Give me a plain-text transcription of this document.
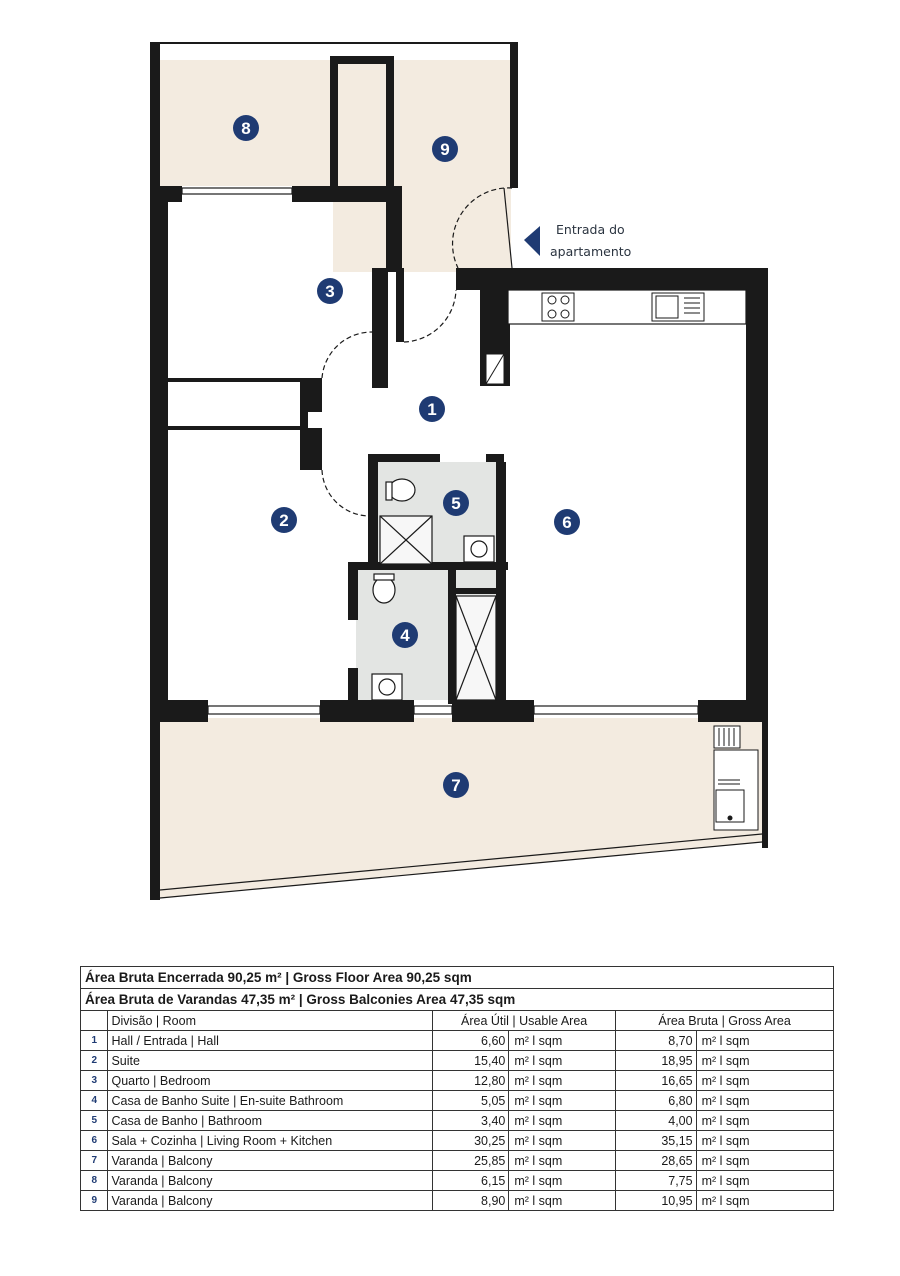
Entrada do
apartamento
1
2
3
4
5
6
7
8
9
Área Bruta Encerrada 90,25 m² | Gross Floor Area 90,25 sqm					
Área Bruta de Varandas 47,35 m² | Gross Balconies Area 47,35 sqm					
	Divisão | Room	Área Útil | Usable Area		Área Bruta | Gross Area	
1	Hall / Entrada | Hall	6,60	m² l sqm	8,70	m² l sqm
2	Suite	15,40	m² l sqm	18,95	m² l sqm
3	Quarto | Bedroom	12,80	m² l sqm	16,65	m² l sqm
4	Casa de Banho Suite | En-suite Bathroom	5,05	m² l sqm	6,80	m² l sqm
5	Casa de Banho | Bathroom	3,40	m² l sqm	4,00	m² l sqm
6	Sala + Cozinha | Living Room + Kitchen	30,25	m² l sqm	35,15	m² l sqm
7	Varanda | Balcony	25,85	m² l sqm	28,65	m² l sqm
8	Varanda | Balcony	6,15	m² l sqm	7,75	m² l sqm
9	Varanda | Balcony	8,90	m² l sqm	10,95	m² l sqm
